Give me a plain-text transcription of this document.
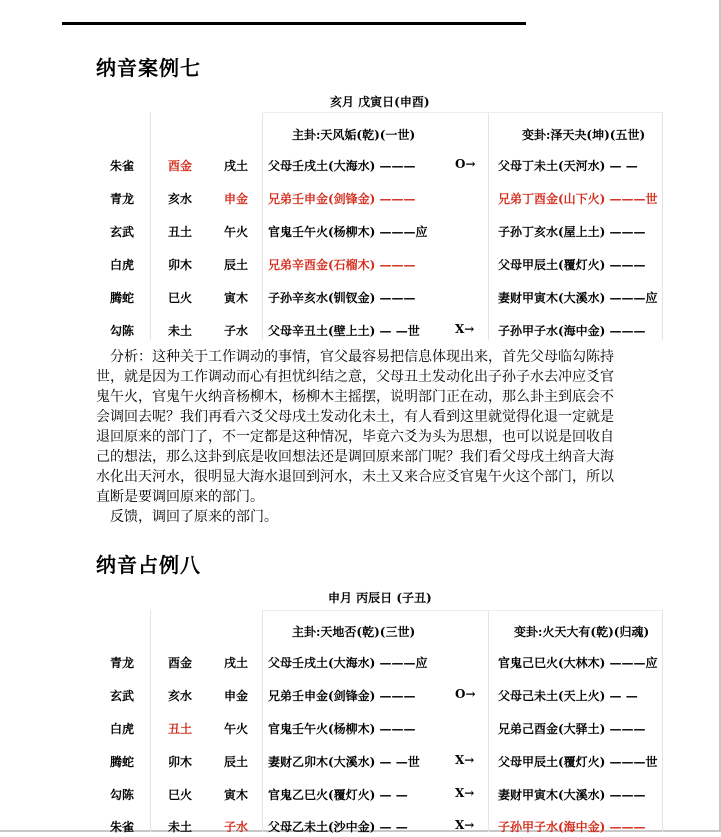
纳音案例七
亥月 戊寅日(申酉)
主卦:天风姤(乾)(一世)	变卦:泽天夬(坤)(五世)
朱雀	酉金	戌土 父母壬戌土(大海水) ———	O→ 父母丁未土(天河水) — —
青龙	亥水	申金 兄弟壬申金(剑锋金) ———	兄弟丁酉金(山下火) ———世
玄武	丑土	午火 官鬼壬午火(杨柳木) ———应	子孙丁亥水(屋上土) ———
白虎	卯木	辰土 兄弟辛酉金(石榴木) ———	父母甲辰土(覆灯火) ———
腾蛇	巳火	寅木 子孙辛亥水(钏钗金) ———	妻财甲寅木(大溪水) ———应
勾陈	未土	子水 父母辛丑土(壁上土) — —世	X→ 子孙甲子水(海中金) ———

分析：这种关于工作调动的事情，官父最容易把信息体现出来，首先父母临勾陈持世，就是因为工作调动而心有担忧纠结之意，父母丑土发动化出子孙子水去冲应爻官鬼午火，官鬼午火纳音杨柳木，杨柳木主摇摆，说明部门正在动，那么卦主到底会不会调回去呢？我们再看六爻父母戌土发动化未土，有人看到这里就觉得化退一定就是退回原来的部门了，不一定都是这种情况，毕竟六爻为头为思想，也可以说是回收自己的想法，那么这卦到底是收回想法还是调回原来部门呢？我们看父母戌土纳音大海水化出天河水，很明显大海水退回到河水，未土又来合应爻官鬼午火这个部门，所以直断是要调回原来的部门。

反馈，调回了原来的部门。

纳音占例八
申月 丙辰日 (子丑)
主卦:天地否(乾)(三世)	变卦:火天大有(乾)(归魂)
青龙	酉金	戌土 父母壬戌土(大海水) ———应	官鬼己巳火(大林木) ———应
玄武	亥水	申金 兄弟壬申金(剑锋金) ———	O→ 父母己未土(天上火) — —
白虎	丑土	午火 官鬼壬午火(杨柳木) ———	兄弟己酉金(大驿土) ———
腾蛇	卯木	辰土 妻财乙卯木(大溪水) — —世	X→ 父母甲辰土(覆灯火) ———世
勾陈	巳火	寅木 官鬼乙巳火(覆灯火) — —	X→ 妻财甲寅木(大溪水) ———
朱雀	未土	子水 父母乙未土(沙中金) — —	X→ 子孙甲子水(海中金) ———
